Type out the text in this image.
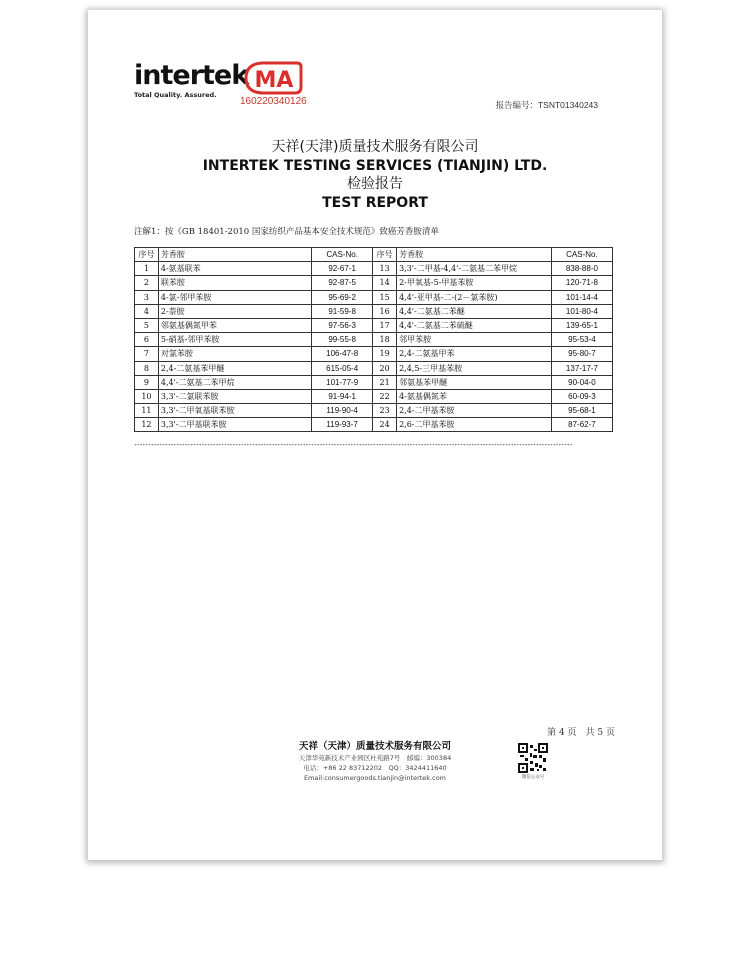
intertek
Total Quality. Assured.
MA
160220340126	报告编号：TSNT01340243
天祥(天津)质量技术服务有限公司
INTERTEK TESTING SERVICES (TIANJIN) LTD.
检验报告
TEST REPORT
注解1：按《GB 18401-2010 国家纺织产品基本安全技术规范》致癌芳香胺清单
序号	芳香胺	CAS-No.	序号	芳香胺	CAS-No.
1	4-氨基联苯	92-67-1	13	3,3'-二甲基-4,4'-二氨基二苯甲烷	838-88-0
2	联苯胺	92-87-5	14	2-甲氧基-5-甲基苯胺	120-71-8
3	4-氯-邻甲苯胺	95-69-2	15	4,4'-亚甲基-二-(2－氯苯胺)	101-14-4
4	2-萘胺	91-59-8	16	4,4'-二氨基二苯醚	101-80-4
5	邻氨基偶氮甲苯	97-56-3	17	4,4'-二氨基二苯硫醚	139-65-1
6	5-硝基-邻甲苯胺	99-55-8	18	邻甲苯胺	95-53-4
7	对氯苯胺	106-47-8	19	2,4-二氨基甲苯	95-80-7
8	2,4-二氨基苯甲醚	615-05-4	20	2,4,5-三甲基苯胺	137-17-7
9	4,4'-二氨基二苯甲烷	101-77-9	21	邻氨基苯甲醚	90-04-0
10	3,3'-二氯联苯胺	91-94-1	22	4-氨基偶氮苯	60-09-3
11	3,3'-二甲氧基联苯胺	119-90-4	23	2,4-二甲基苯胺	95-68-1
12	3,3'-二甲基联苯胺	119-93-7	24	2,6-二甲基苯胺	87-62-7
************************************************************************************************************************************************************
第 4 页　共 5 页
天祥（天津）质量技术服务有限公司
天津华苑新技术产业园区杜苑路7号　邮编：300384
电话：+86 22 83712202　QQ：3424411640
Email:consumergoods.tianjin@intertek.com	微信公众号
